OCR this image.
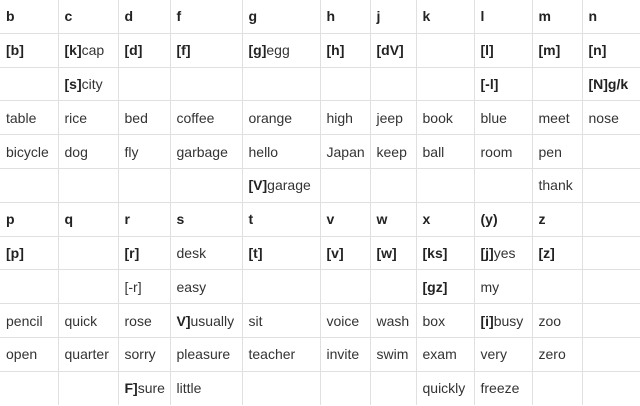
b	c	d	f	g	h	j	k	l	m	n
[b]	[k]cap	[d]	[f]	[g]egg	[h]	[dV]		[l]	[m]	[n]
	[s]city							[-l]		[N]g/k
table	rice	bed	coffee	orange	high	jeep	book	blue	meet	nose
bicycle	dog	fly	garbage	hello	Japan	keep	ball	room	pen	
				[V]garage					thank	
p	q	r	s	t	v	w	x	(y)	z	
[p]		[r]	desk	[t]	[v]	[w]	[ks]	[j]yes	[z]	
		[-r]	easy				[gz]	my		
pencil	quick	rose	V]usually	sit	voice	wash	box	[i]busy	zoo	
open	quarter	sorry	pleasure	teacher	invite	swim	exam	very	zero	
		F]sure	little				quickly	freeze		
